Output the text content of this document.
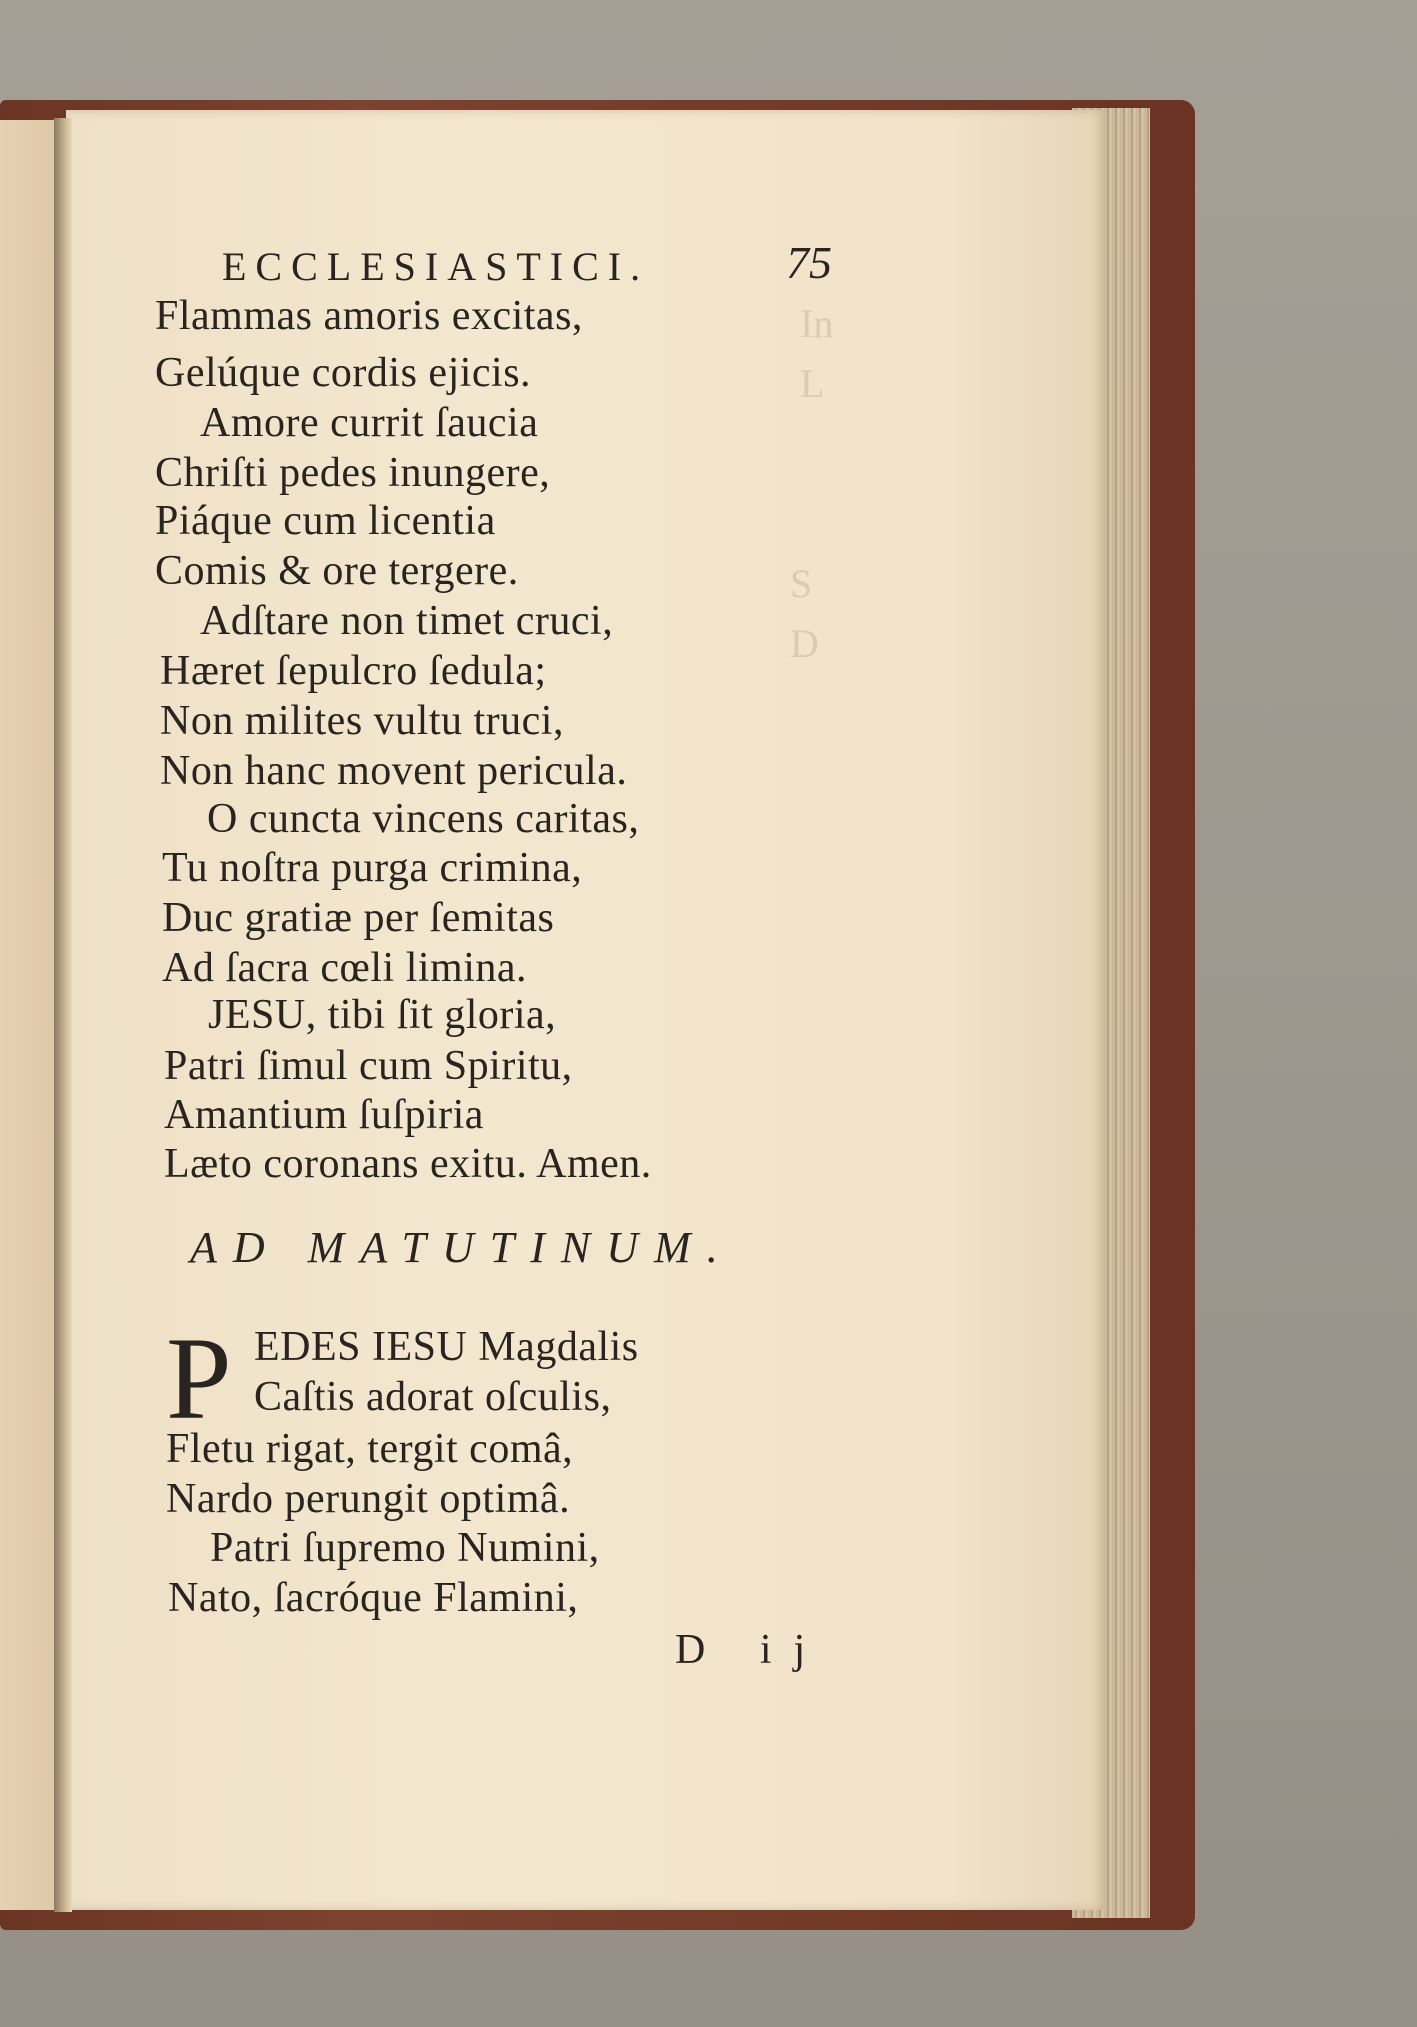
In

L

S

D

ECCLESIASTICI.	75

Flammas amoris excitas,

Gelúque cordis ejicis.

Amore currit ſaucia

Chriſti pedes inungere,

Piáque cum licentia

Comis & ore tergere.

Adſtare non timet cruci,

Hæret ſepulcro ſedula;

Non milites vultu truci,

Non hanc movent pericula.

O cuncta vincens caritas,

Tu noſtra purga crimina,

Duc gratiæ per ſemitas

Ad ſacra cœli limina.

JESU, tibi ſit gloria,

Patri ſimul cum Spiritu,

Amantium ſuſpiria

Læto coronans exitu. Amen.

AD MATUTINUM.

P EDES IESU Magdalis

Caſtis adorat oſculis,

Fletu rigat, tergit comâ,

Nardo perungit optimâ.

Patri ſupremo Numini,

Nato, ſacróque Flamini,

D ij
